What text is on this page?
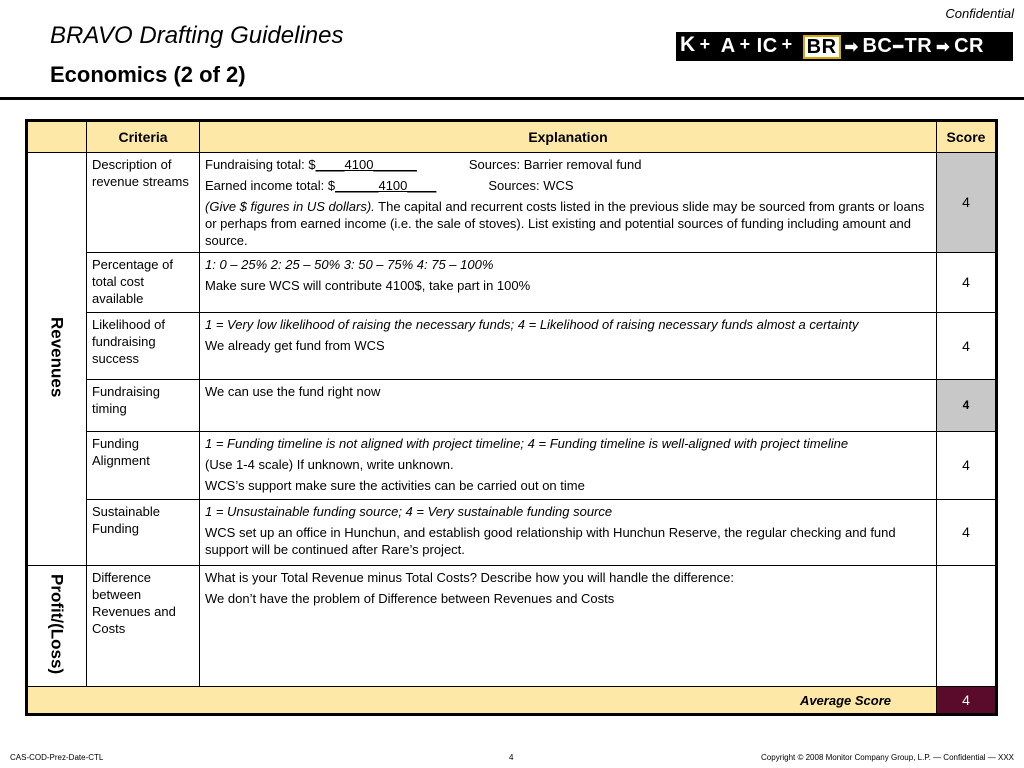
Confidential
BRAVO Drafting Guidelines
Economics (2 of 2)
K + A + IC + BR ➡ BC ━ TR ➡ CR
	Criteria	Explanation	Score
Revenues	Description of revenue streams	Fundraising total: $____4100______ Sources: Barrier removal fund

Earned income total: $______4100____ Sources: WCS

(Give $ figures in US dollars). The capital and recurrent costs listed in the previous slide may be sourced from grants or loans or perhaps from earned income (i.e. the sale of stoves). List existing and potential sources of funding including amount and source.	4
	Percentage of total cost available	1: 0 – 25% 2: 25 – 50% 3: 50 – 75% 4: 75 – 100%

Make sure WCS will contribute 4100$, take part in 100%	4
	Likelihood of fundraising success	1 = Very low likelihood of raising the necessary funds; 4 = Likelihood of raising necessary funds almost a certainty

We already get fund from WCS	4
	Fundraising timing	We can use the fund right now	4
	Funding Alignment	1 = Funding timeline is not aligned with project timeline; 4 = Funding timeline is well-aligned with project timeline

(Use 1-4 scale) If unknown, write unknown.

WCS’s support make sure the activities can be carried out on time	4
	Sustainable Funding	1 = Unsustainable funding source; 4 = Very sustainable funding source

WCS set up an office in Hunchun, and establish good relationship with Hunchun Reserve, the regular checking and fund support will be continued after Rare’s project.	4
Profit/(Loss)	Difference between Revenues and Costs	What is your Total Revenue minus Total Costs? Describe how you will handle the difference:

We don’t have the problem of Difference between Revenues and Costs	

Average Score			4
CAS-COD-Prez-Date-CTL	4	Copyright © 2008 Monitor Company Group, L.P. — Confidential — XXX
